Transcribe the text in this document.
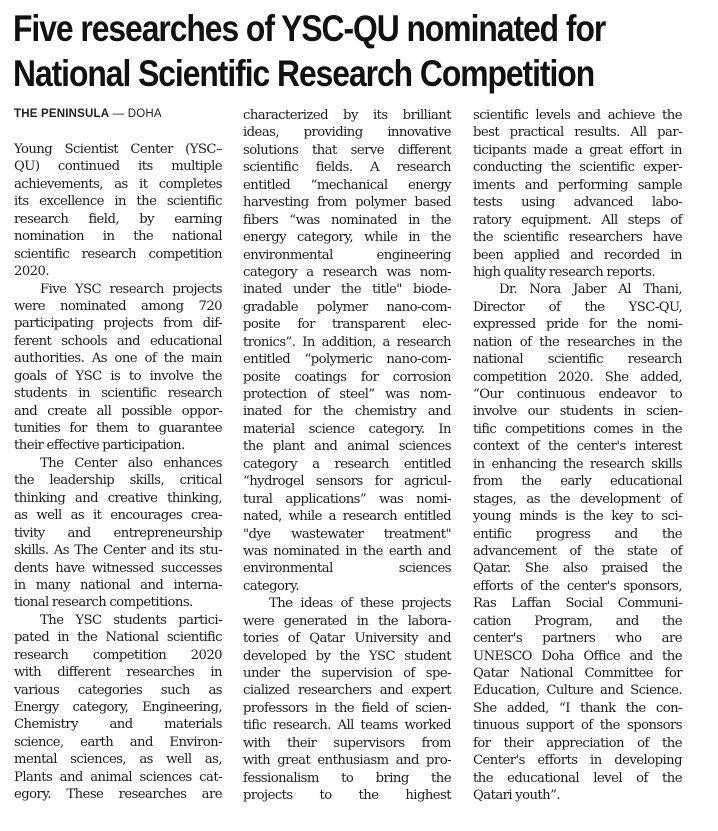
Five researches of YSC-QU nominated for
National Scientific Research Competition
THE PENINSULA — DOHA
Young Scientist Center (YSC–
QU) continued its multiple
achievements, as it completes
its excellence in the scientific
research field, by earning
nomination in the national
scientific research competition
2020.
Five YSC research projects
were nominated among 720
participating projects from dif-
ferent schools and educational
authorities. As one of the main
goals of YSC is to involve the
students in scientific research
and create all possible oppor-
tunities for them to guarantee
their effective participation.
The Center also enhances
the leadership skills, critical
thinking and creative thinking,
as well as it encourages crea-
tivity and entrepreneurship
skills. As The Center and its stu-
dents have witnessed successes
in many national and interna-
tional research competitions.
The YSC students partici-
pated in the National scientific
research competition 2020
with different researches in
various categories such as
Energy category, Engineering,
Chemistry and materials
science, earth and Environ-
mental sciences, as well as,
Plants and animal sciences cat-
egory. These researches are
characterized by its brilliant
ideas, providing innovative
solutions that serve different
scientific fields. A research
entitled “mechanical energy
harvesting from polymer based
fibers “was nominated in the
energy category, while in the
environmental engineering
category a research was nom-
inated under the title" biode-
gradable polymer nano-com-
posite for transparent elec-
tronics”. In addition, a research
entitled “polymeric nano-com-
posite coatings for corrosion
protection of steel” was nom-
inated for the chemistry and
material science category. In
the plant and animal sciences
category a research entitled
“hydrogel sensors for agricul-
tural applications” was nomi-
nated, while a research entitled
"dye wastewater treatment"
was nominated in the earth and
environmental sciences
category.
The ideas of these projects
were generated in the labora-
tories of Qatar University and
developed by the YSC student
under the supervision of spe-
cialized researchers and expert
professors in the field of scien-
tific research. All teams worked
with their supervisors from
with great enthusiasm and pro-
fessionalism to bring the
projects to the highest
scientific levels and achieve the
best practical results. All par-
ticipants made a great effort in
conducting the scientific exper-
iments and performing sample
tests using advanced labo-
ratory equipment. All steps of
the scientific researchers have
been applied and recorded in
high quality research reports.
Dr. Nora Jaber Al Thani,
Director of the YSC-QU,
expressed pride for the nomi-
nation of the researches in the
national scientific research
competition 2020. She added,
“Our continuous endeavor to
involve our students in scien-
tific competitions comes in the
context of the center's interest
in enhancing the research skills
from the early educational
stages, as the development of
young minds is the key to sci-
entific progress and the
advancement of the state of
Qatar. She also praised the
efforts of the center's sponsors,
Ras Laffan Social Communi-
cation Program, and the
center's partners who are
UNESCO Doha Office and the
Qatar National Committee for
Education, Culture and Science.
She added, “I thank the con-
tinuous support of the sponsors
for their appreciation of the
Center's efforts in developing
the educational level of the
Qatari youth”.
